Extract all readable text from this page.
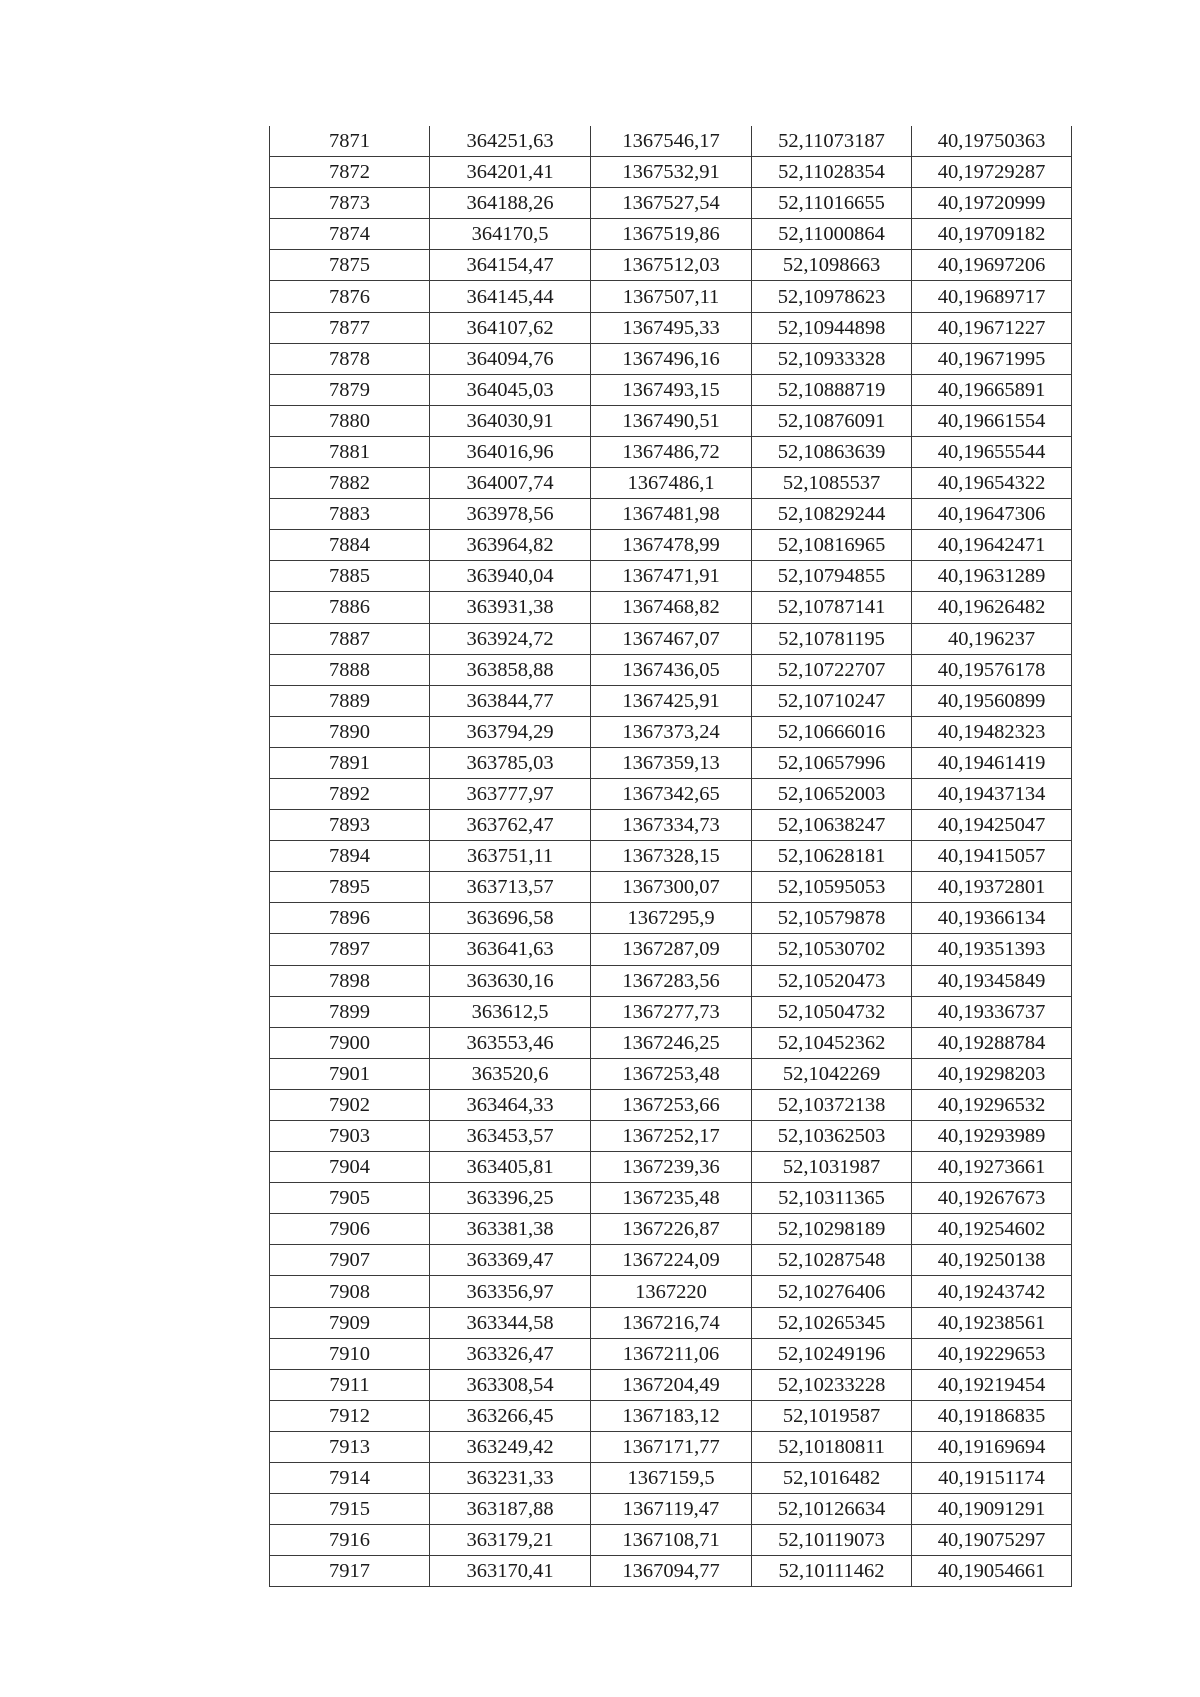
7871	364251,63	1367546,17	52,11073187	40,19750363
7872	364201,41	1367532,91	52,11028354	40,19729287
7873	364188,26	1367527,54	52,11016655	40,19720999
7874	364170,5	1367519,86	52,11000864	40,19709182
7875	364154,47	1367512,03	52,1098663	40,19697206
7876	364145,44	1367507,11	52,10978623	40,19689717
7877	364107,62	1367495,33	52,10944898	40,19671227
7878	364094,76	1367496,16	52,10933328	40,19671995
7879	364045,03	1367493,15	52,10888719	40,19665891
7880	364030,91	1367490,51	52,10876091	40,19661554
7881	364016,96	1367486,72	52,10863639	40,19655544
7882	364007,74	1367486,1	52,1085537	40,19654322
7883	363978,56	1367481,98	52,10829244	40,19647306
7884	363964,82	1367478,99	52,10816965	40,19642471
7885	363940,04	1367471,91	52,10794855	40,19631289
7886	363931,38	1367468,82	52,10787141	40,19626482
7887	363924,72	1367467,07	52,10781195	40,196237
7888	363858,88	1367436,05	52,10722707	40,19576178
7889	363844,77	1367425,91	52,10710247	40,19560899
7890	363794,29	1367373,24	52,10666016	40,19482323
7891	363785,03	1367359,13	52,10657996	40,19461419
7892	363777,97	1367342,65	52,10652003	40,19437134
7893	363762,47	1367334,73	52,10638247	40,19425047
7894	363751,11	1367328,15	52,10628181	40,19415057
7895	363713,57	1367300,07	52,10595053	40,19372801
7896	363696,58	1367295,9	52,10579878	40,19366134
7897	363641,63	1367287,09	52,10530702	40,19351393
7898	363630,16	1367283,56	52,10520473	40,19345849
7899	363612,5	1367277,73	52,10504732	40,19336737
7900	363553,46	1367246,25	52,10452362	40,19288784
7901	363520,6	1367253,48	52,1042269	40,19298203
7902	363464,33	1367253,66	52,10372138	40,19296532
7903	363453,57	1367252,17	52,10362503	40,19293989
7904	363405,81	1367239,36	52,1031987	40,19273661
7905	363396,25	1367235,48	52,10311365	40,19267673
7906	363381,38	1367226,87	52,10298189	40,19254602
7907	363369,47	1367224,09	52,10287548	40,19250138
7908	363356,97	1367220	52,10276406	40,19243742
7909	363344,58	1367216,74	52,10265345	40,19238561
7910	363326,47	1367211,06	52,10249196	40,19229653
7911	363308,54	1367204,49	52,10233228	40,19219454
7912	363266,45	1367183,12	52,1019587	40,19186835
7913	363249,42	1367171,77	52,10180811	40,19169694
7914	363231,33	1367159,5	52,1016482	40,19151174
7915	363187,88	1367119,47	52,10126634	40,19091291
7916	363179,21	1367108,71	52,10119073	40,19075297
7917	363170,41	1367094,77	52,10111462	40,19054661
